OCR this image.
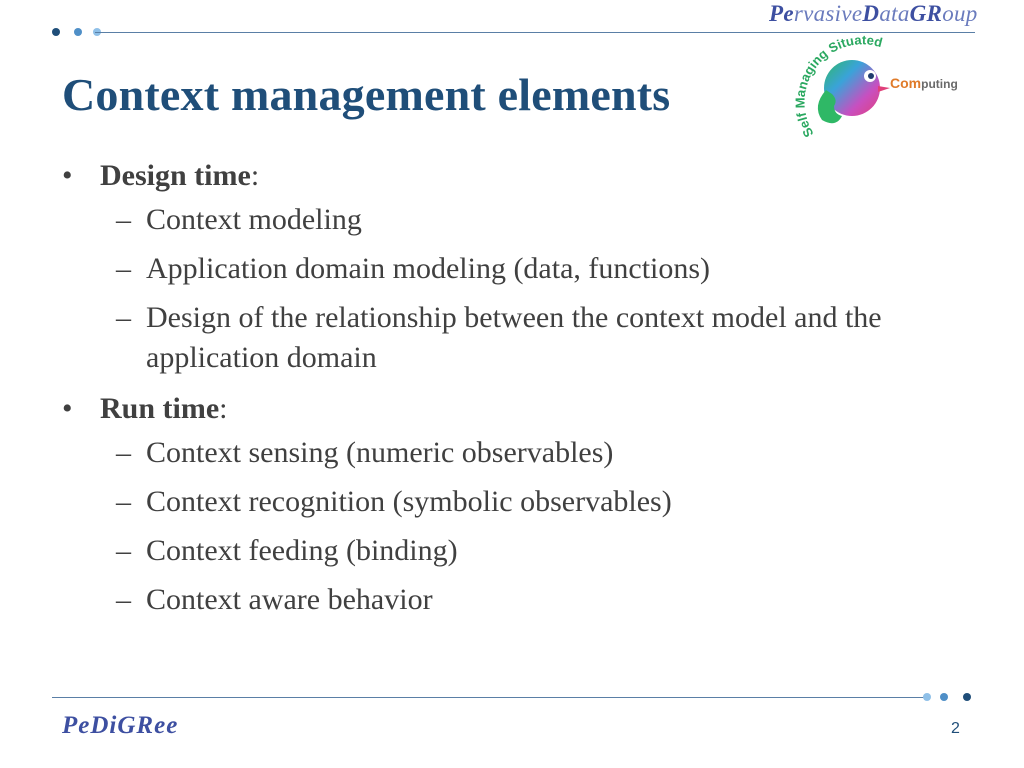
PervasiveDataGRoup
Context management elements
Self Managing Situated
Computing

• Design time:

– Context modeling

– Application domain modeling (data, functions)

– Design of the relationship between the context model and the application domain

• Run time:

– Context sensing (numeric observables)

– Context recognition (symbolic observables)

– Context feeding (binding)

– Context aware behavior

PeDiGRee	2
